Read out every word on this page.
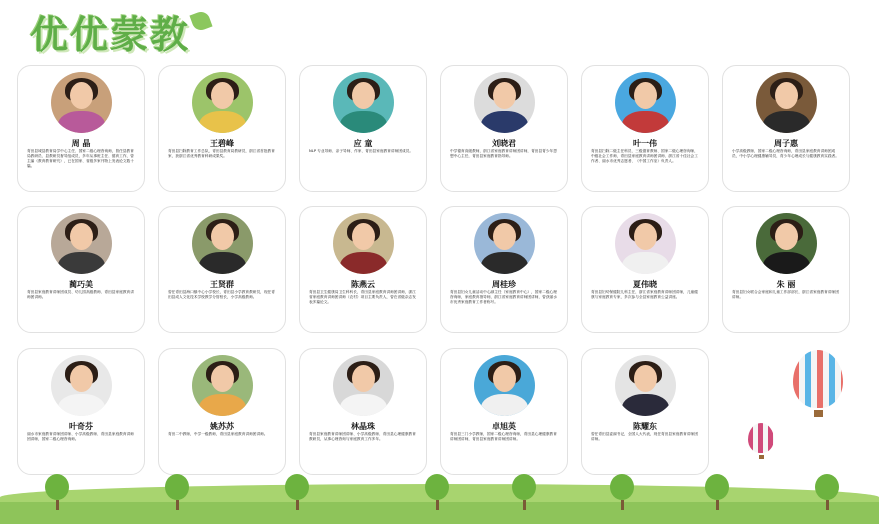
优优蒙教
周 晶
青田县城县教育局学中心主任、国家二级心理咨询师，曾任县教育局教研员、县教研员督导组成员，多年从事班主任、德育工作，曾主编《教育教育研究》，已在国家、省级多家刊物上发表论文数十篇。
王碧峰
青田县扫除教育工作总队，青田县教育局教研员，浙江省首批教育家，获浙江省优秀教育科研成果奖。
应 童
NLP 专业导师、亲子导师、作家、青田县家庭教育讲师团成员。
刘晓君
中学德育高级教师，浙江省家庭教育讲师团讲师，青田县青少年思想中心主任，青田县家庭教育指导师。
叶一伟
青田县扫除二级主任科员、三级德育教师、国家二级心理咨询师，中级社会工作师，青田县家庭教育讲师团讲师、浙江省十佳社会工作者、丽水市优秀志愿者、《中国工作室》负责人。
周子惠
小学高级教师，国家二级心理咨询师，青田县家庭教育讲师团成员，中小学心理健康辅导员，青少年心理成长与健康教育实践者。
蔺巧美
青田县家庭教育讲师团成员、幼儿园高级教师、青田县家庭教育讲师团讲师。
王贤群
曾任青田县海口镇中心小学校长，青田县小学教育教研员，现任青田县成人文化技术学校教学分管校长，小学高级教师。
陈燕云
青田县卫生健康局卫生科科长，青田县家庭教育讲师团讲师，浙江省家庭教育讲师团讲师（农村）项目主要负责人，曾在省级杂志发表多篇论文。
周桂珍
青田县妇女儿童活动中心副主任（家庭教育中心），国家二级心理咨询师，家庭教育指导师，浙江省家庭教育讲师团讲师，曾获丽水市优秀家庭教育工作者称号。
夏伟晓
青田县妇幼保健院儿科主任，浙江省家庭教育讲师团讲师，儿童健康与家庭教育专家，多次参与全县家庭教育公益讲座。
朱 丽
青田县妇女联合会家庭和儿童工作部部长，浙江省家庭教育讲师团讲师。
叶奇芬
丽水市家庭教育讲师团讲师、小学高级教师、青田县家庭教育讲师团讲师，国家二级心理咨询师。
姚苏苏
青田二中教师，中学一级教师，青田县家庭教育讲师团讲师。
林晶珠
青田县家庭教育讲师团讲师、小学高级教师、青田县心理健康教育教研员，从事心理咨询与家庭教育工作多年。
卓旭英
青田县三门小学教师，国家二级心理咨询师，青田县心理健康教育讲师团讲师，青田县家庭教育讲师团讲师。
陈耀东
曾任青田县委副书记，全国人大代表，现任青田县家庭教育讲师团讲师。
